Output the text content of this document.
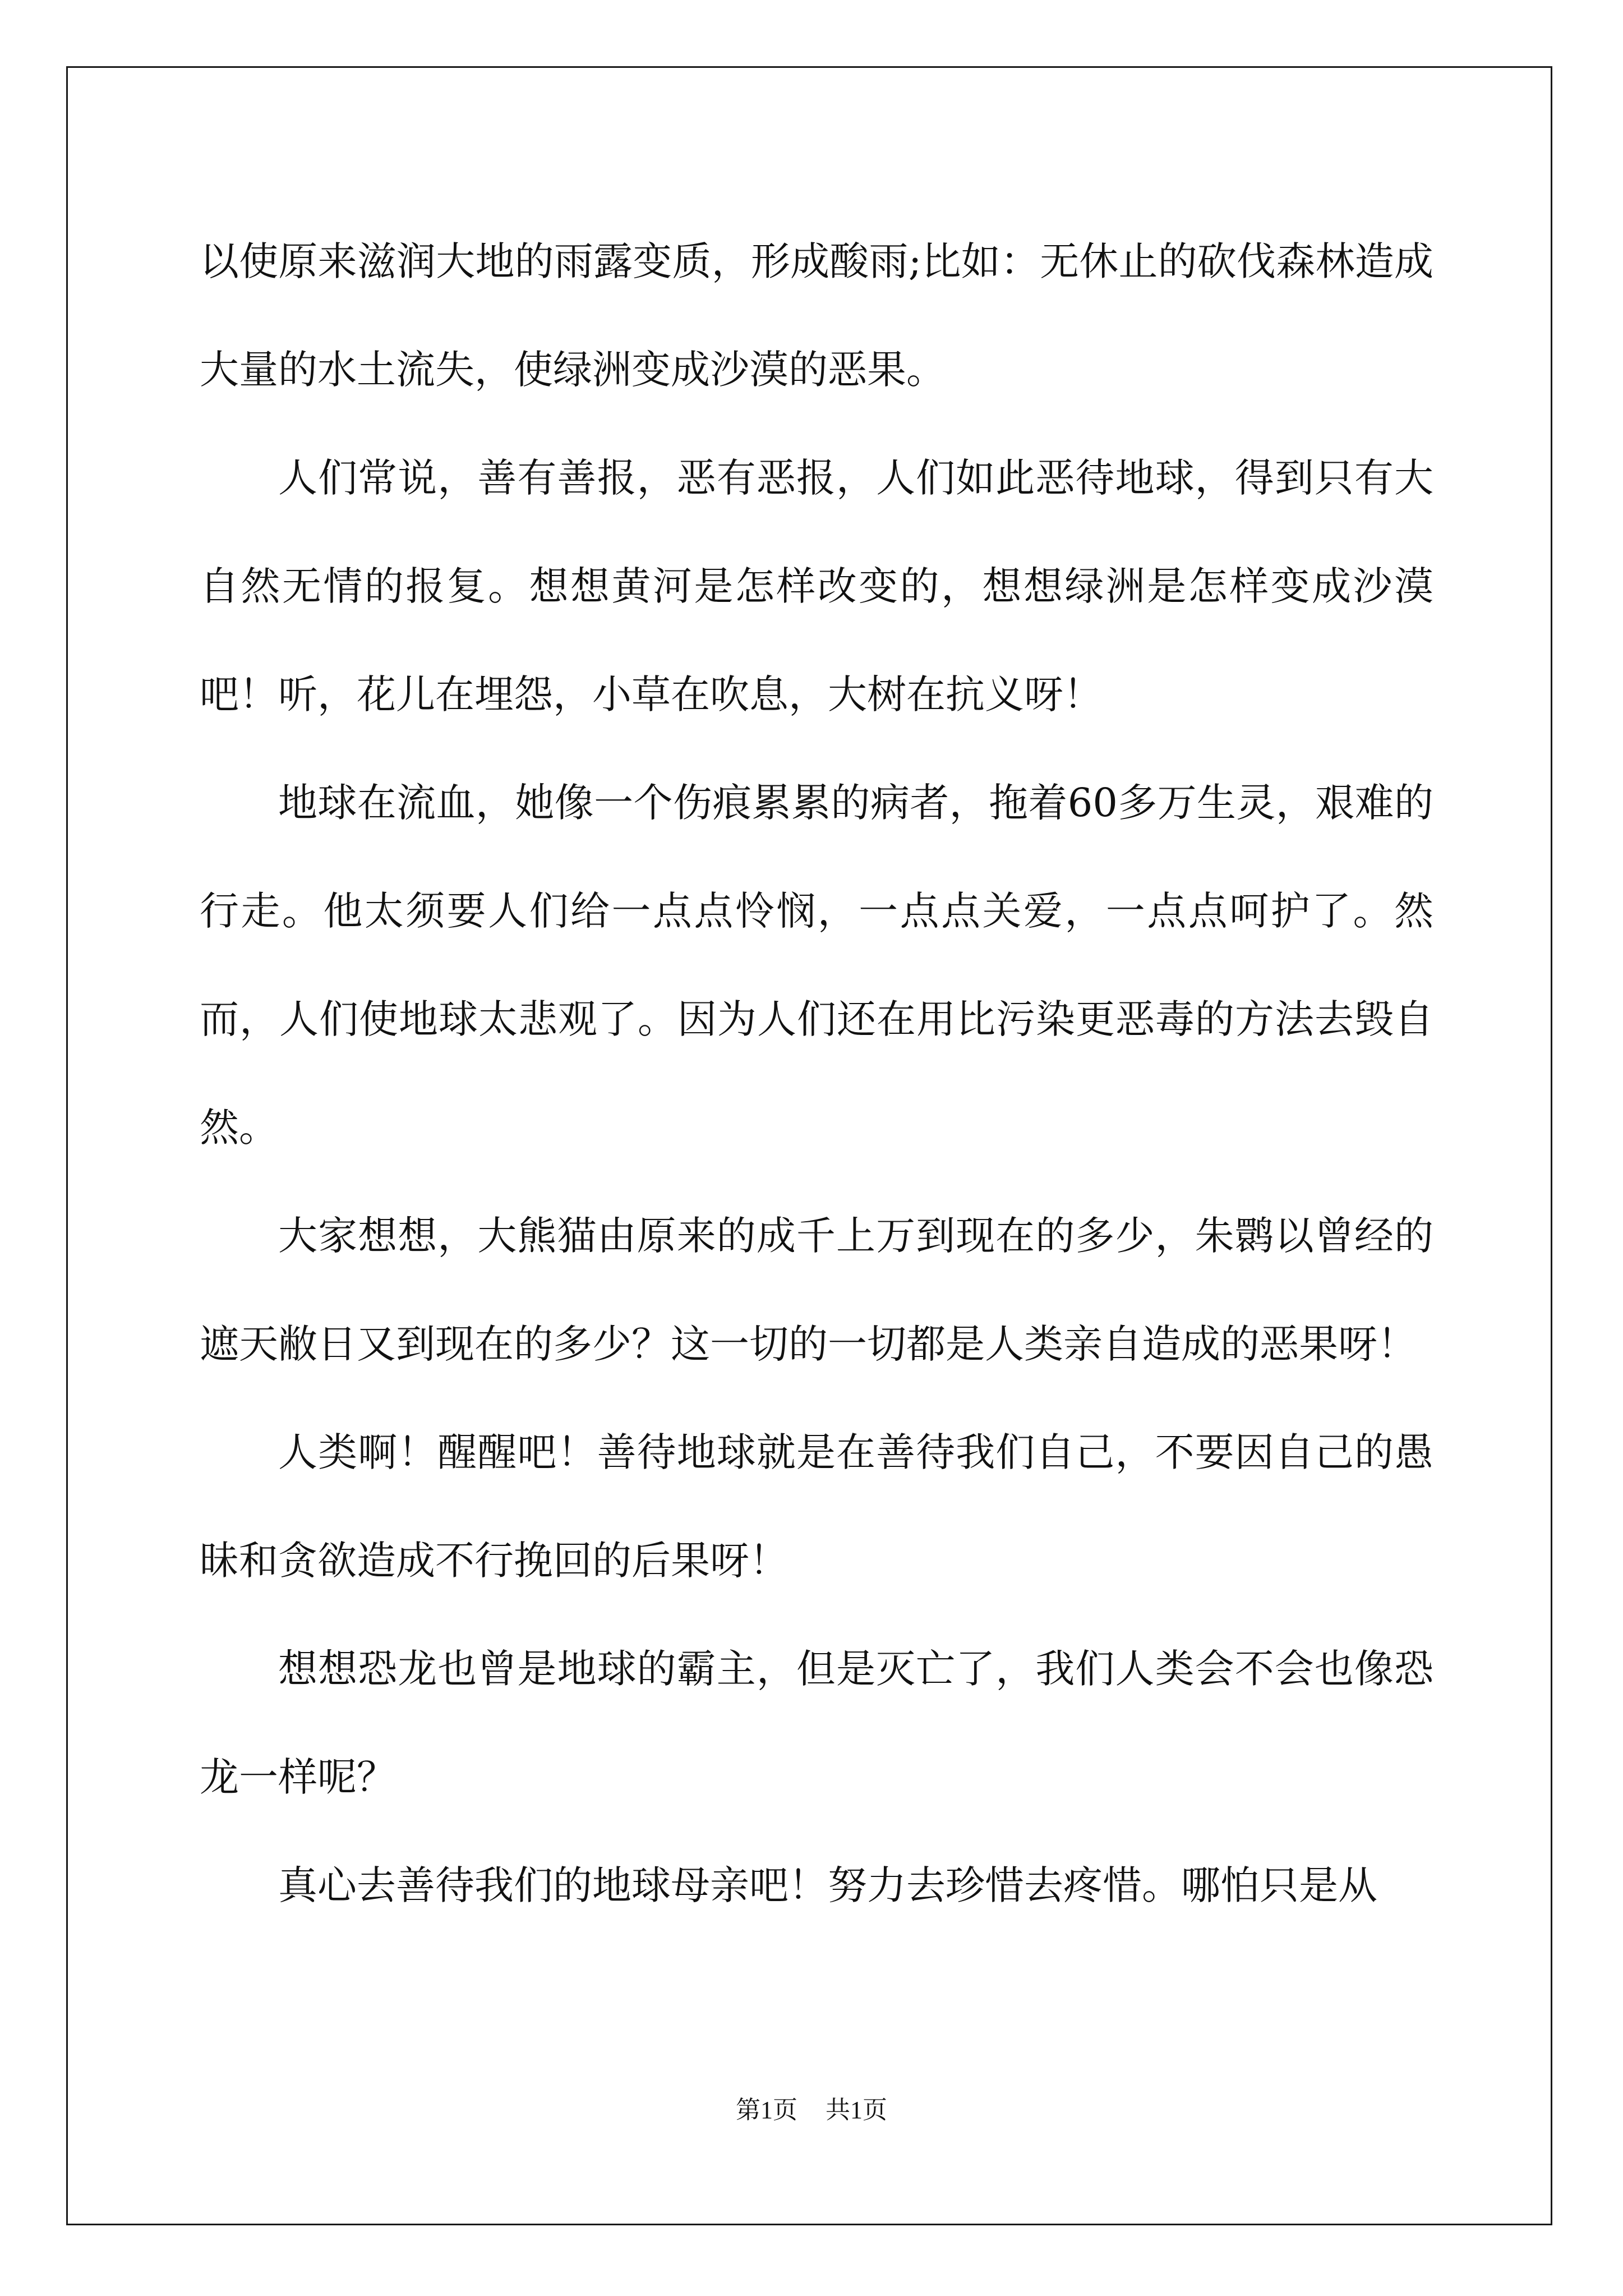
以使原来滋润大地的雨露变质，形成酸雨;比如：无休止的砍伐森林造成大量的水土流失，使绿洲变成沙漠的恶果。

人们常说，善有善报，恶有恶报，人们如此恶待地球，得到只有大自然无情的报复。想想黄河是怎样改变的，想想绿洲是怎样变成沙漠吧！听，花儿在埋怨，小草在吹息，大树在抗义呀！

地球在流血，她像一个伤痕累累的病者，拖着60多万生灵，艰难的行走。他太须要人们给一点点怜悯，一点点关爱，一点点呵护了。然而，人们使地球太悲观了。因为人们还在用比污染更恶毒的方法去毁自然。

大家想想，大熊猫由原来的成千上万到现在的多少，朱鹮以曾经的遮天敝日又到现在的多少？这一切的一切都是人类亲自造成的恶果呀！

人类啊！醒醒吧！善待地球就是在善待我们自己，不要因自己的愚昧和贪欲造成不行挽回的后果呀！

想想恐龙也曾是地球的霸主，但是灭亡了，我们人类会不会也像恐龙一样呢？

真心去善待我们的地球母亲吧！努力去珍惜去疼惜。哪怕只是从

第1页 共1页
